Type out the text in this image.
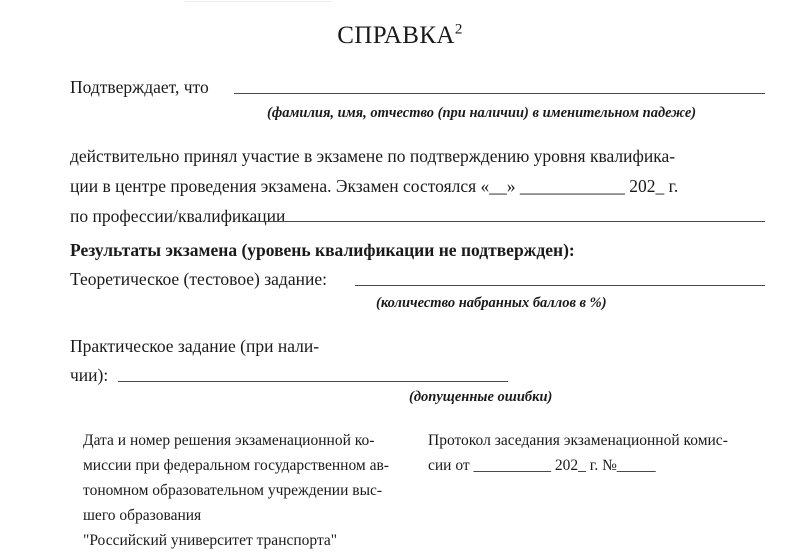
СПРАВКА$^2$
Подтверждает, что
(фамилия, имя, отчество (при наличии) в именительном падеже)
действительно принял участие в экзамене по подтверждению уровня квалифика-
ции в центре проведения экзамена. Экзамен состоялся «__» ____________ 202_ г.
по профессии/квалификации
Результаты экзамена (уровень квалификации не подтвержден):
Теоретическое (тестовое) задание:
(количество набранных баллов в %)
Практическое задание (при нали-
чии):
(допущенные ошибки)
Дата и номер решения экзаменационной ко-
миссии при федеральном государственном ав-
тономном образовательном учреждении выс-
шего образования
"Российский университет транспорта"
Протокол заседания экзаменационной комис-
сии от __________ 202_ г. №_____
